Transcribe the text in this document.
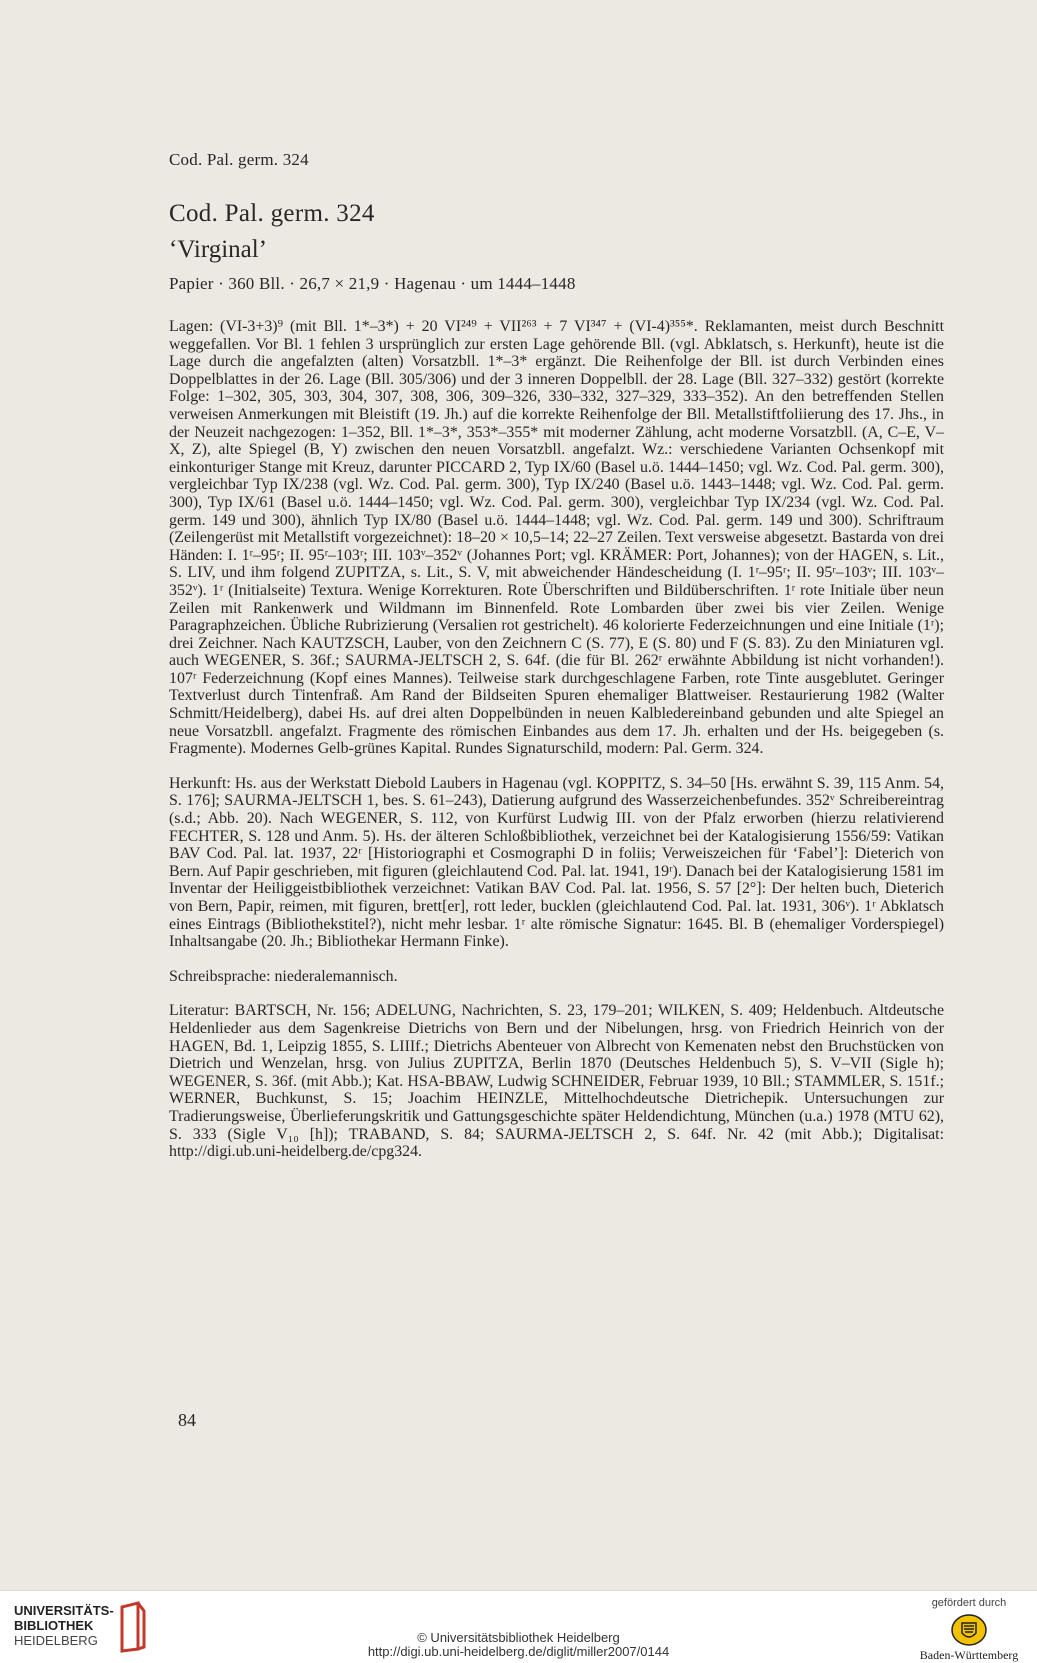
Cod. Pal. germ. 324
Cod. Pal. germ. 324
‘Virginal’
Papier · 360 Bll. · 26,7 × 21,9 · Hagenau · um 1444–1448

Lagen: (VI-3+3)⁹ (mit Bll. 1*–3*) + 20 VI²⁴⁹ + VII²⁶³ + 7 VI³⁴⁷ + (VI-4)³⁵⁵*. Reklamanten, meist durch Beschnitt weggefallen. Vor Bl. 1 fehlen 3 ursprünglich zur ersten Lage gehörende Bll. (vgl. Abklatsch, s. Herkunft), heute ist die Lage durch die angefalzten (alten) Vorsatzbll. 1*–3* ergänzt. Die Reihenfolge der Bll. ist durch Verbinden eines Doppelblattes in der 26. Lage (Bll. 305/306) und der 3 inneren Doppelbll. der 28. Lage (Bll. 327–332) gestört (korrekte Folge: 1–302, 305, 303, 304, 307, 308, 306, 309–326, 330–332, 327–329, 333–352). An den betreffenden Stellen verweisen Anmerkungen mit Bleistift (19. Jh.) auf die korrekte Reihenfolge der Bll. Metallstiftfoliierung des 17. Jhs., in der Neuzeit nachgezogen: 1–352, Bll. 1*–3*, 353*–355* mit moderner Zählung, acht moderne Vorsatzbll. (A, C–E, V–X, Z), alte Spiegel (B, Y) zwischen den neuen Vorsatzbll. angefalzt. Wz.: verschiedene Varianten Ochsenkopf mit einkonturiger Stange mit Kreuz, darunter PICCARD 2, Typ IX/60 (Basel u.ö. 1444–1450; vgl. Wz. Cod. Pal. germ. 300), vergleichbar Typ IX/238 (vgl. Wz. Cod. Pal. germ. 300), Typ IX/240 (Basel u.ö. 1443–1448; vgl. Wz. Cod. Pal. germ. 300), Typ IX/61 (Basel u.ö. 1444–1450; vgl. Wz. Cod. Pal. germ. 300), vergleichbar Typ IX/234 (vgl. Wz. Cod. Pal. germ. 149 und 300), ähnlich Typ IX/80 (Basel u.ö. 1444–1448; vgl. Wz. Cod. Pal. germ. 149 und 300). Schriftraum (Zeilengerüst mit Metallstift vorgezeichnet): 18–20 × 10,5–14; 22–27 Zeilen. Text versweise abgesetzt. Bastarda von drei Händen: I. 1ʳ–95ʳ; II. 95ʳ–103ʳ; III. 103ᵛ–352ᵛ (Johannes Port; vgl. KRÄMER: Port, Johannes); von der HAGEN, s. Lit., S. LIV, und ihm folgend ZUPITZA, s. Lit., S. V, mit abweichender Händescheidung (I. 1ʳ–95ʳ; II. 95ʳ–103ᵛ; III. 103ᵛ–352ᵛ). 1ʳ (Initialseite) Textura. Wenige Korrekturen. Rote Überschriften und Bildüberschriften. 1ʳ rote Initiale über neun Zeilen mit Rankenwerk und Wildmann im Binnenfeld. Rote Lombarden über zwei bis vier Zeilen. Wenige Paragraphzeichen. Übliche Rubrizierung (Versalien rot gestrichelt). 46 kolorierte Federzeichnungen und eine Initiale (1ʳ); drei Zeichner. Nach KAUTZSCH, Lauber, von den Zeichnern C (S. 77), E (S. 80) und F (S. 83). Zu den Miniaturen vgl. auch WEGENER, S. 36f.; SAURMA-JELTSCH 2, S. 64f. (die für Bl. 262ʳ erwähnte Abbildung ist nicht vorhanden!). 107ʳ Federzeichnung (Kopf eines Mannes). Teilweise stark durchgeschlagene Farben, rote Tinte ausgeblutet. Geringer Textverlust durch Tintenfraß. Am Rand der Bildseiten Spuren ehemaliger Blattweiser. Restaurierung 1982 (Walter Schmitt/Heidelberg), dabei Hs. auf drei alten Doppelbünden in neuen Kalbledereinband gebunden und alte Spiegel an neue Vorsatzbll. angefalzt. Fragmente des römischen Einbandes aus dem 17. Jh. erhalten und der Hs. beigegeben (s. Fragmente). Modernes Gelb-grünes Kapital. Rundes Signaturschild, modern: Pal. Germ. 324.

Herkunft: Hs. aus der Werkstatt Diebold Laubers in Hagenau (vgl. KOPPITZ, S. 34–50 [Hs. erwähnt S. 39, 115 Anm. 54, S. 176]; SAURMA-JELTSCH 1, bes. S. 61–243), Datierung aufgrund des Wasserzeichenbefundes. 352ᵛ Schreibereintrag (s.d.; Abb. 20). Nach WEGENER, S. 112, von Kurfürst Ludwig III. von der Pfalz erworben (hierzu relativierend FECHTER, S. 128 und Anm. 5). Hs. der älteren Schloßbibliothek, verzeichnet bei der Katalogisierung 1556/59: Vatikan BAV Cod. Pal. lat. 1937, 22ʳ [Historiographi et Cosmographi D in foliis; Verweiszeichen für ‘Fabel’]: Dieterich von Bern. Auf Papir geschrieben, mit figuren (gleichlautend Cod. Pal. lat. 1941, 19ʳ). Danach bei der Katalogisierung 1581 im Inventar der Heiliggeistbibliothek verzeichnet: Vatikan BAV Cod. Pal. lat. 1956, S. 57 [2°]: Der helten buch, Dieterich von Bern, Papir, reimen, mit figuren, brett[er], rott leder, bucklen (gleichlautend Cod. Pal. lat. 1931, 306ᵛ). 1ʳ Abklatsch eines Eintrags (Bibliothekstitel?), nicht mehr lesbar. 1ʳ alte römische Signatur: 1645. Bl. B (ehemaliger Vorderspiegel) Inhaltsangabe (20. Jh.; Bibliothekar Hermann Finke).

Schreibsprache: niederalemannisch.

Literatur: BARTSCH, Nr. 156; ADELUNG, Nachrichten, S. 23, 179–201; WILKEN, S. 409; Heldenbuch. Altdeutsche Heldenlieder aus dem Sagenkreise Dietrichs von Bern und der Nibelungen, hrsg. von Friedrich Heinrich von der HAGEN, Bd. 1, Leipzig 1855, S. LIIIf.; Dietrichs Abenteuer von Albrecht von Kemenaten nebst den Bruchstücken von Dietrich und Wenzelan, hrsg. von Julius ZUPITZA, Berlin 1870 (Deutsches Heldenbuch 5), S. V–VII (Sigle h); WEGENER, S. 36f. (mit Abb.); Kat. HSA-BBAW, Ludwig SCHNEIDER, Februar 1939, 10 Bll.; STAMMLER, S. 151f.; WERNER, Buchkunst, S. 15; Joachim HEINZLE, Mittelhochdeutsche Dietrichepik. Untersuchungen zur Tradierungsweise, Überlieferungskritik und Gattungsgeschichte später Heldendichtung, München (u.a.) 1978 (MTU 62), S. 333 (Sigle V₁₀ [h]); TRABAND, S. 84; SAURMA-JELTSCH 2, S. 64f. Nr. 42 (mit Abb.); Digitalisat: http://digi.ub.uni-heidelberg.de/cpg324.

84
UNIVERSITÄTS-
BIBLIOTHEK
HEIDELBERG	© Universitätsbibliothek Heidelberg
http://digi.ub.uni-heidelberg.de/diglit/miller2007/0144
gefördert durch
Baden-Württemberg
